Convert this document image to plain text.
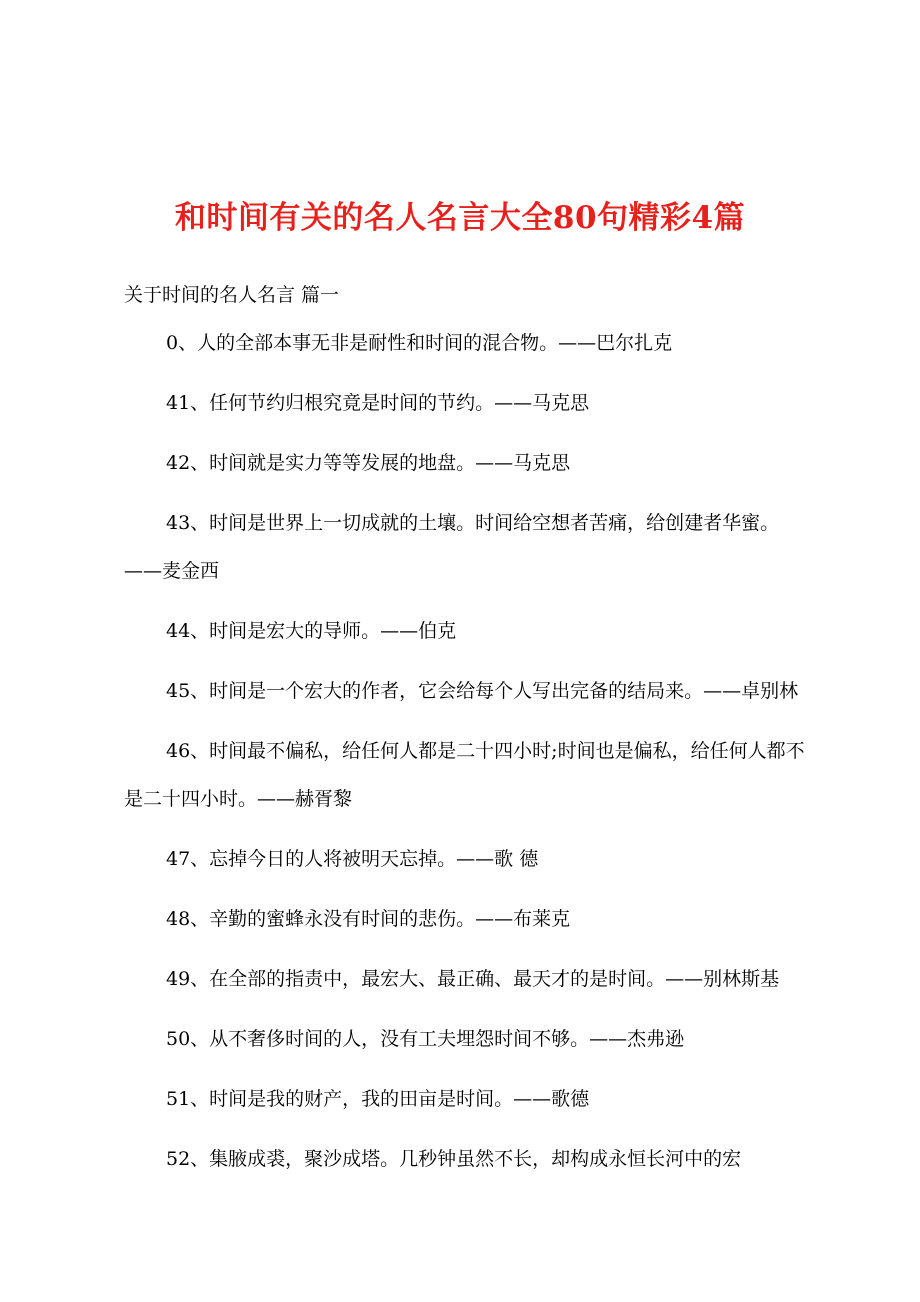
和时间有关的名人名言大全80句精彩4篇

关于时间的名人名言 篇一

0、人的全部本事无非是耐性和时间的混合物。——巴尔扎克

41、任何节约归根究竟是时间的节约。——马克思

42、时间就是实力等等发展的地盘。——马克思

43、时间是世界上一切成就的土壤。时间给空想者苦痛，给创建者华蜜。——麦金西

44、时间是宏大的导师。——伯克

45、时间是一个宏大的作者，它会给每个人写出完备的结局来。——卓别林

46、时间最不偏私，给任何人都是二十四小时;时间也是偏私，给任何人都不是二十四小时。——赫胥黎

47、忘掉今日的人将被明天忘掉。——歌 德

48、辛勤的蜜蜂永没有时间的悲伤。——布莱克

49、在全部的指责中，最宏大、最正确、最天才的是时间。——别林斯基

50、从不奢侈时间的人，没有工夫埋怨时间不够。——杰弗逊

51、时间是我的财产，我的田亩是时间。——歌德

52、集腋成裘，聚沙成塔。几秒钟虽然不长，却构成永恒长河中的宏
